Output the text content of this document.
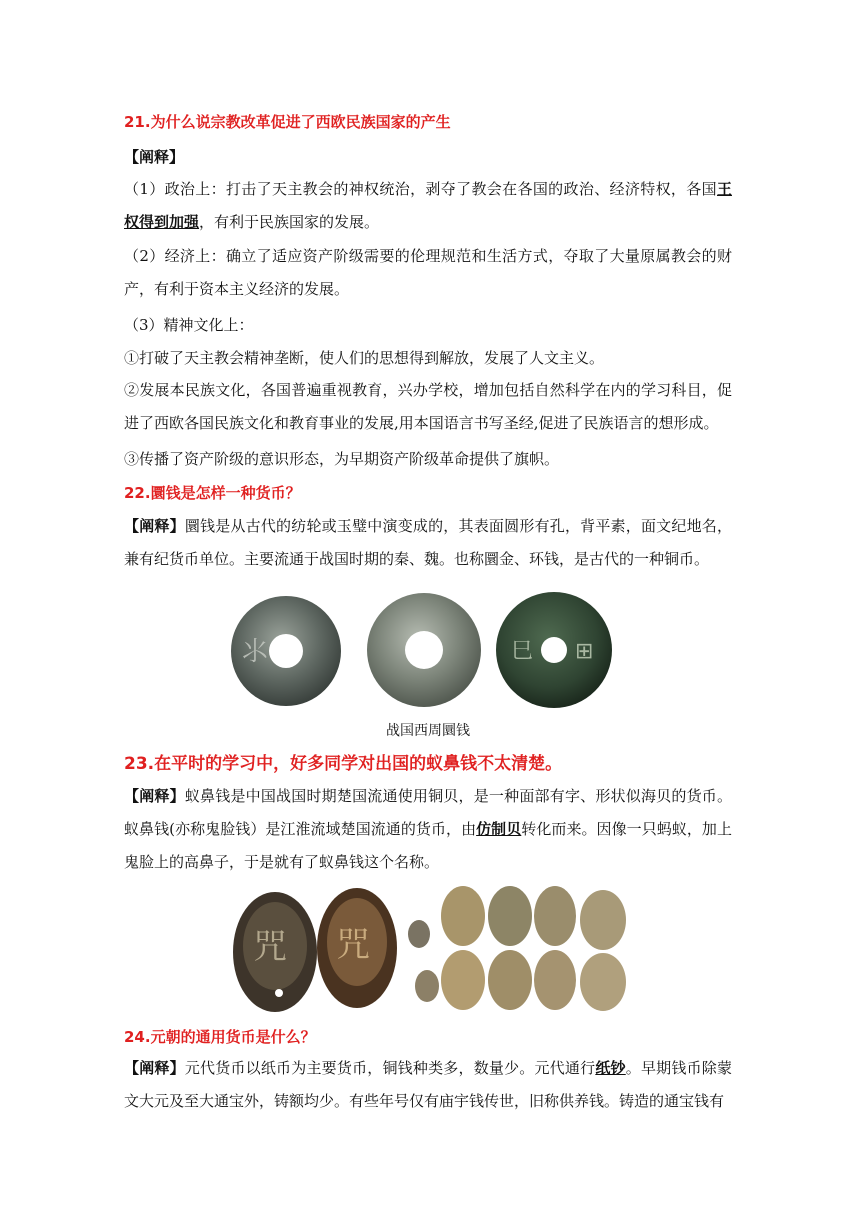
21.为什么说宗教改革促进了西欧民族国家的产生
【阐释】
（1）政治上：打击了天主教会的神权统治，剥夺了教会在各国的政治、经济特权，各国王权得到加强，有利于民族国家的发展。
（2）经济上：确立了适应资产阶级需要的伦理规范和生活方式，夺取了大量原属教会的财产，有利于资本主义经济的发展。
（3）精神文化上：
①打破了天主教会精神垄断，使人们的思想得到解放，发展了人文主义。
②发展本民族文化，各国普遍重视教育，兴办学校，增加包括自然科学在内的学习科目，促进了西欧各国民族文化和教育事业的发展,用本国语言书写圣经,促进了民族语言的想形成。
③传播了资产阶级的意识形态，为早期资产阶级革命提供了旗帜。
22.圜钱是怎样一种货币？
【阐释】圜钱是从古代的纺轮或玉璧中演变成的，其表面圆形有孔，背平素，面文纪地名，兼有纪货币单位。主要流通于战国时期的秦、魏。也称圜金、环钱，是古代的一种铜币。
⺢	⺒ ⊞
战国西周圜钱
23.在平时的学习中，好多同学对出国的蚁鼻钱不太清楚。
【阐释】蚁鼻钱是中国战国时期楚国流通使用铜贝，是一种面部有字、形状似海贝的货币。蚁鼻钱(亦称鬼脸钱）是江淮流域楚国流通的货币，由仿制贝转化而来。因像一只蚂蚁，加上鬼脸上的高鼻子，于是就有了蚁鼻钱这个名称。
咒 咒
24.元朝的通用货币是什么？
【阐释】元代货币以纸币为主要货币，铜钱种类多，数量少。元代通行纸钞。早期钱币除蒙文大元及至大通宝外，铸额均少。有些年号仅有庙宇钱传世，旧称供养钱。铸造的通宝钱有
